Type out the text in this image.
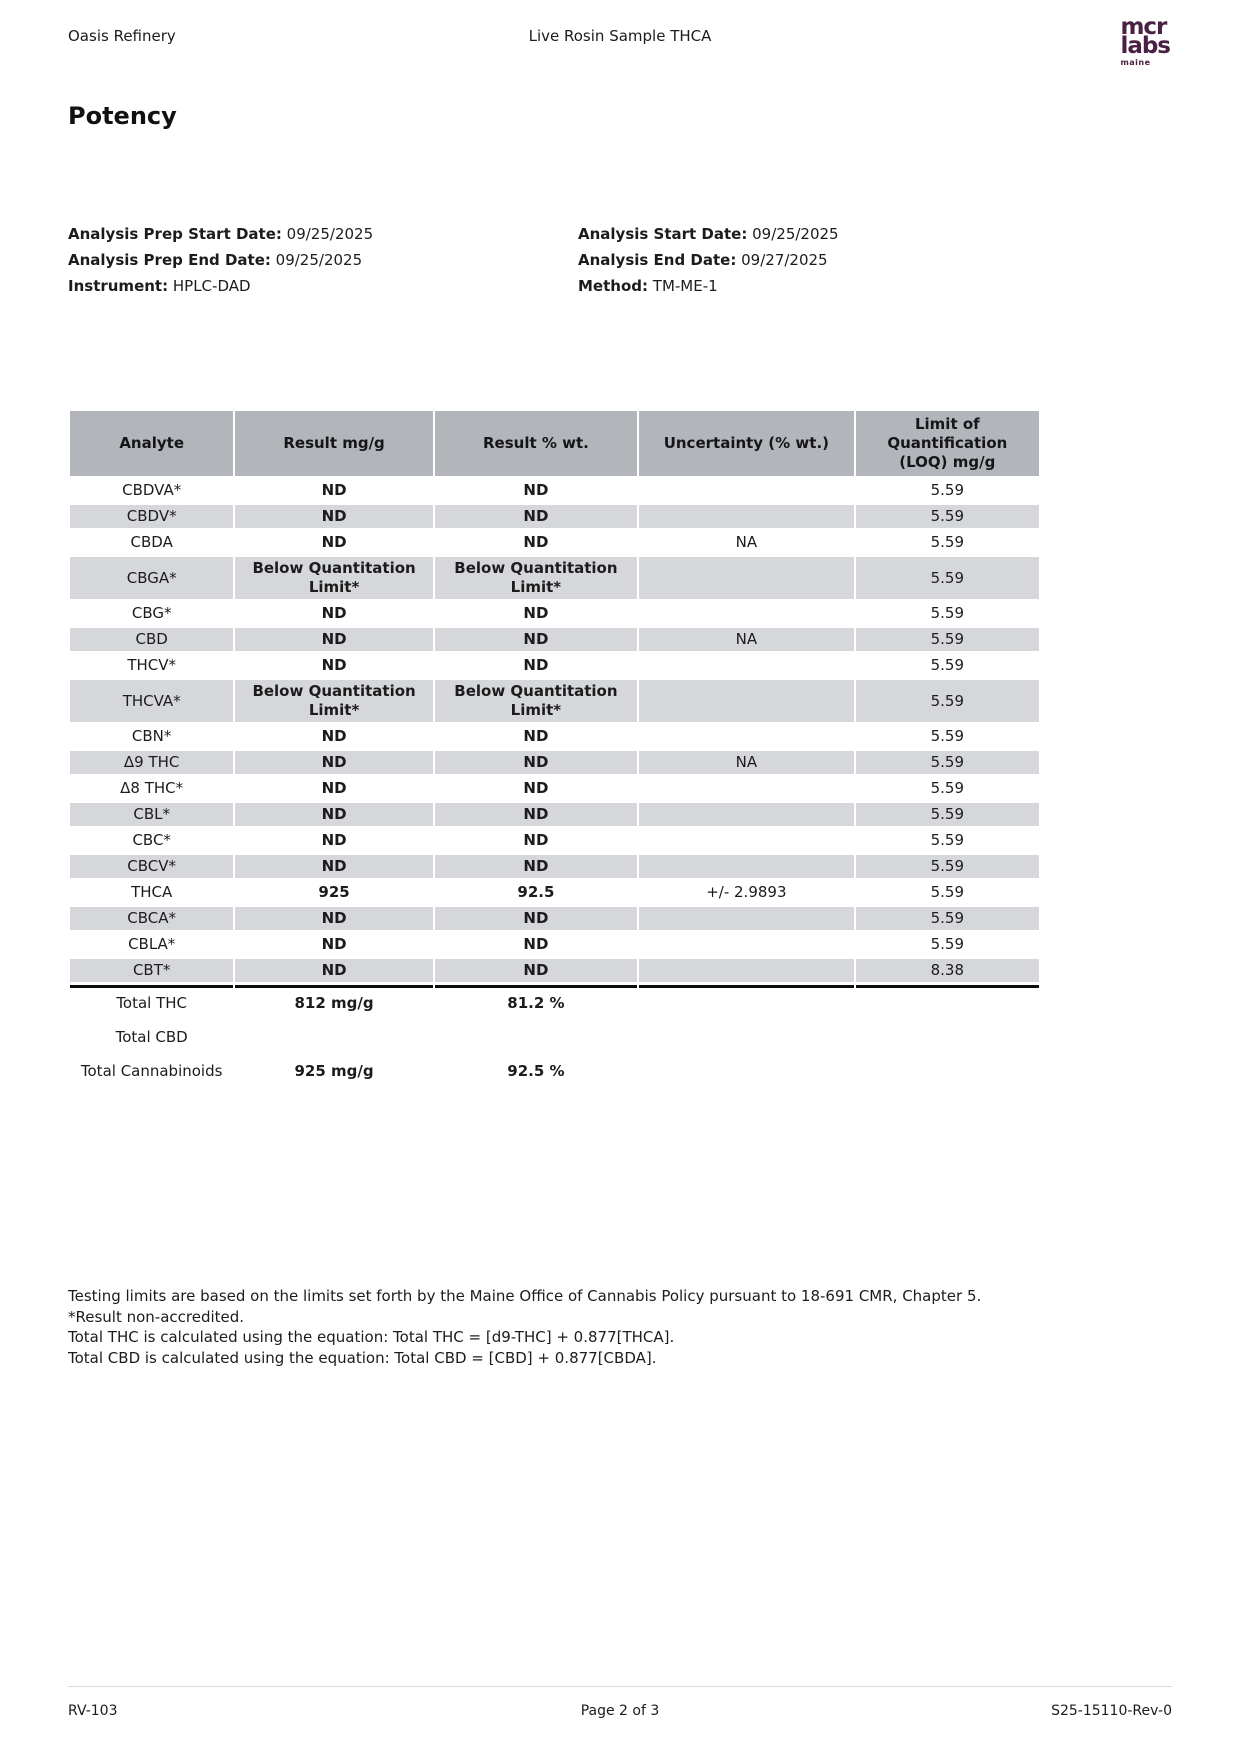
Oasis Refinery	Live Rosin Sample THCA	mcr
labs
maine
Potency
Analysis Prep Start Date: 09/25/2025
Analysis Prep End Date: 09/25/2025
Instrument: HPLC-DAD
Analysis Start Date: 09/25/2025
Analysis End Date: 09/27/2025
Method: TM-ME-1
Analyte	Result mg/g	Result % wt.	Uncertainty (% wt.)	Limit of Quantification (LOQ) mg/g
CBDVA*	ND	ND		5.59
CBDV*	ND	ND		5.59
CBDA	ND	ND	NA	5.59
CBGA*	Below Quantitation Limit*	Below Quantitation Limit*		5.59
CBG*	ND	ND		5.59
CBD	ND	ND	NA	5.59
THCV*	ND	ND		5.59
THCVA*	Below Quantitation Limit*	Below Quantitation Limit*		5.59
CBN*	ND	ND		5.59
Δ9 THC	ND	ND	NA	5.59
Δ8 THC*	ND	ND		5.59
CBL*	ND	ND		5.59
CBC*	ND	ND		5.59
CBCV*	ND	ND		5.59
THCA	925	92.5	+/- 2.9893	5.59
CBCA*	ND	ND		5.59
CBLA*	ND	ND		5.59
CBT*	ND	ND		8.38
Total THC	812 mg/g	81.2 %		
Total CBD				
Total Cannabinoids	925 mg/g	92.5 %		
Testing limits are based on the limits set forth by the Maine Office of Cannabis Policy pursuant to 18-691 CMR, Chapter 5.
*Result non-accredited.
Total THC is calculated using the equation: Total THC = [d9-THC] + 0.877[THCA].
Total CBD is calculated using the equation: Total CBD = [CBD] + 0.877[CBDA].
RV-103	Page 2 of 3	S25-15110-Rev-0
